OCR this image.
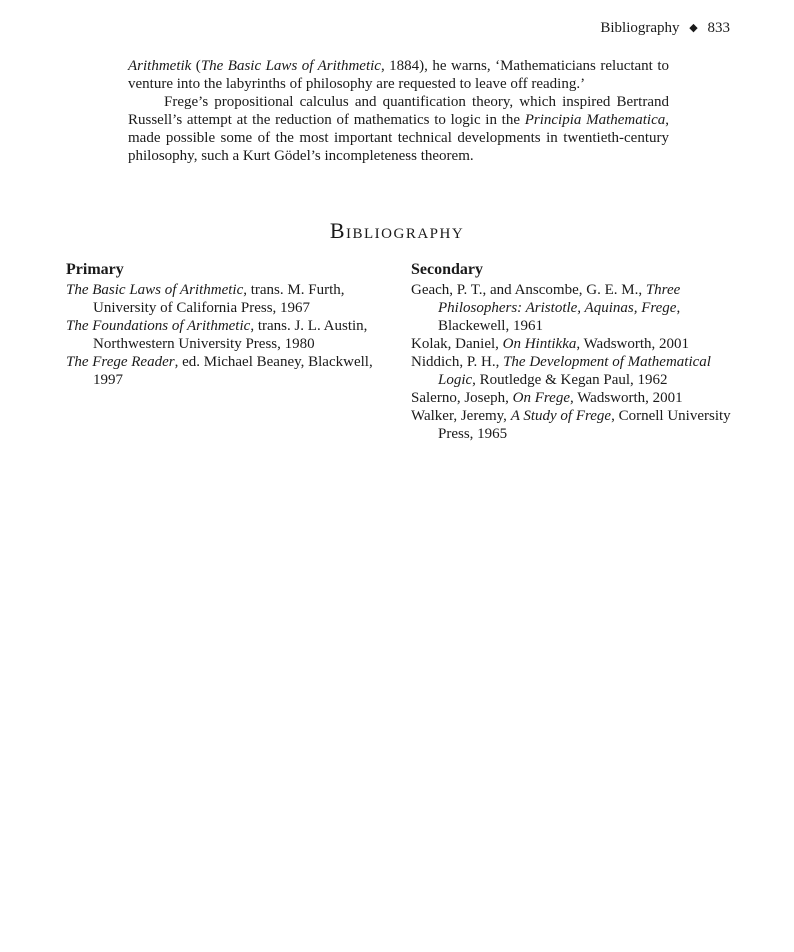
Bibliography ◆ 833

Arithmetik (The Basic Laws of Arithmetic, 1884), he warns, ‘Mathematicians reluctant to venture into the labyrinths of philosophy are requested to leave off reading.’

Frege’s propositional calculus and quantification theory, which inspired Bertrand Russell’s attempt at the reduction of mathematics to logic in the Principia Mathematica, made possible some of the most important technical developments in twentieth-century philosophy, such a Kurt Gödel’s incompleteness theorem.

Bibliography
Primary

The Basic Laws of Arithmetic, trans. M. Furth, University of California Press, 1967

The Foundations of Arithmetic, trans. J. L. Austin, Northwestern University Press, 1980

The Frege Reader, ed. Michael Beaney, Blackwell, 1997

Secondary

Geach, P. T., and Anscombe, G. E. M., Three Philosophers: Aristotle, Aquinas, Frege, Blackewell, 1961

Kolak, Daniel, On Hintikka, Wadsworth, 2001

Niddich, P. H., The Development of Mathematical Logic, Routledge & Kegan Paul, 1962

Salerno, Joseph, On Frege, Wadsworth, 2001

Walker, Jeremy, A Study of Frege, Cornell University Press, 1965
